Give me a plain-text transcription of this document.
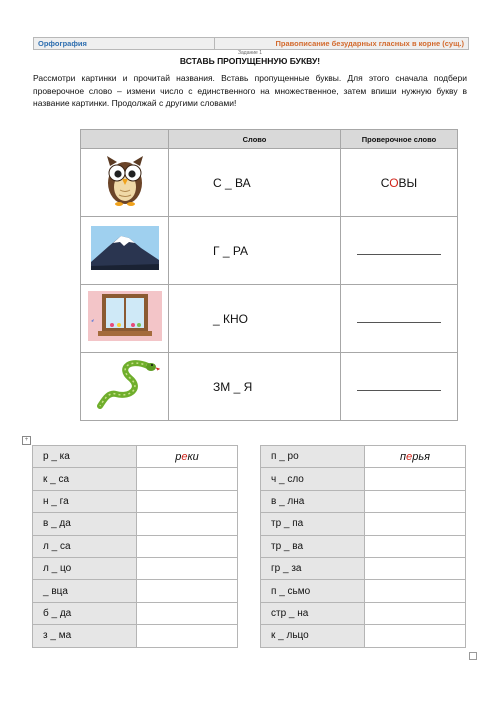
Орфография	Правописание безударных гласных в корне (сущ.)
Задание 1
ВСТАВЬ ПРОПУЩЕННУЮ БУКВУ!
Рассмотри картинки и прочитай названия. Вставь пропущенные буквы. Для этого сначала подбери проверочное слово – измени число с единственного на множественное, затем впиши нужную букву в название картинки. Продолжай с другими словами!
	Слово	Проверочное слово
	С _ ВА	СОВЫ
	Г _ РА	
	_ КНО	
	ЗМ _ Я	
+
р _ ка	реки		п _ ро	перья
к _ са			ч _ сло	
н _ га			в _ лна	
в _ да			тр _ па	
л _ са			тр _ ва	
л _ цо			гр _ за	
_ вца			п _ сьмо	
б _ да			стр _ на	
з _ ма			к _ льцо	
